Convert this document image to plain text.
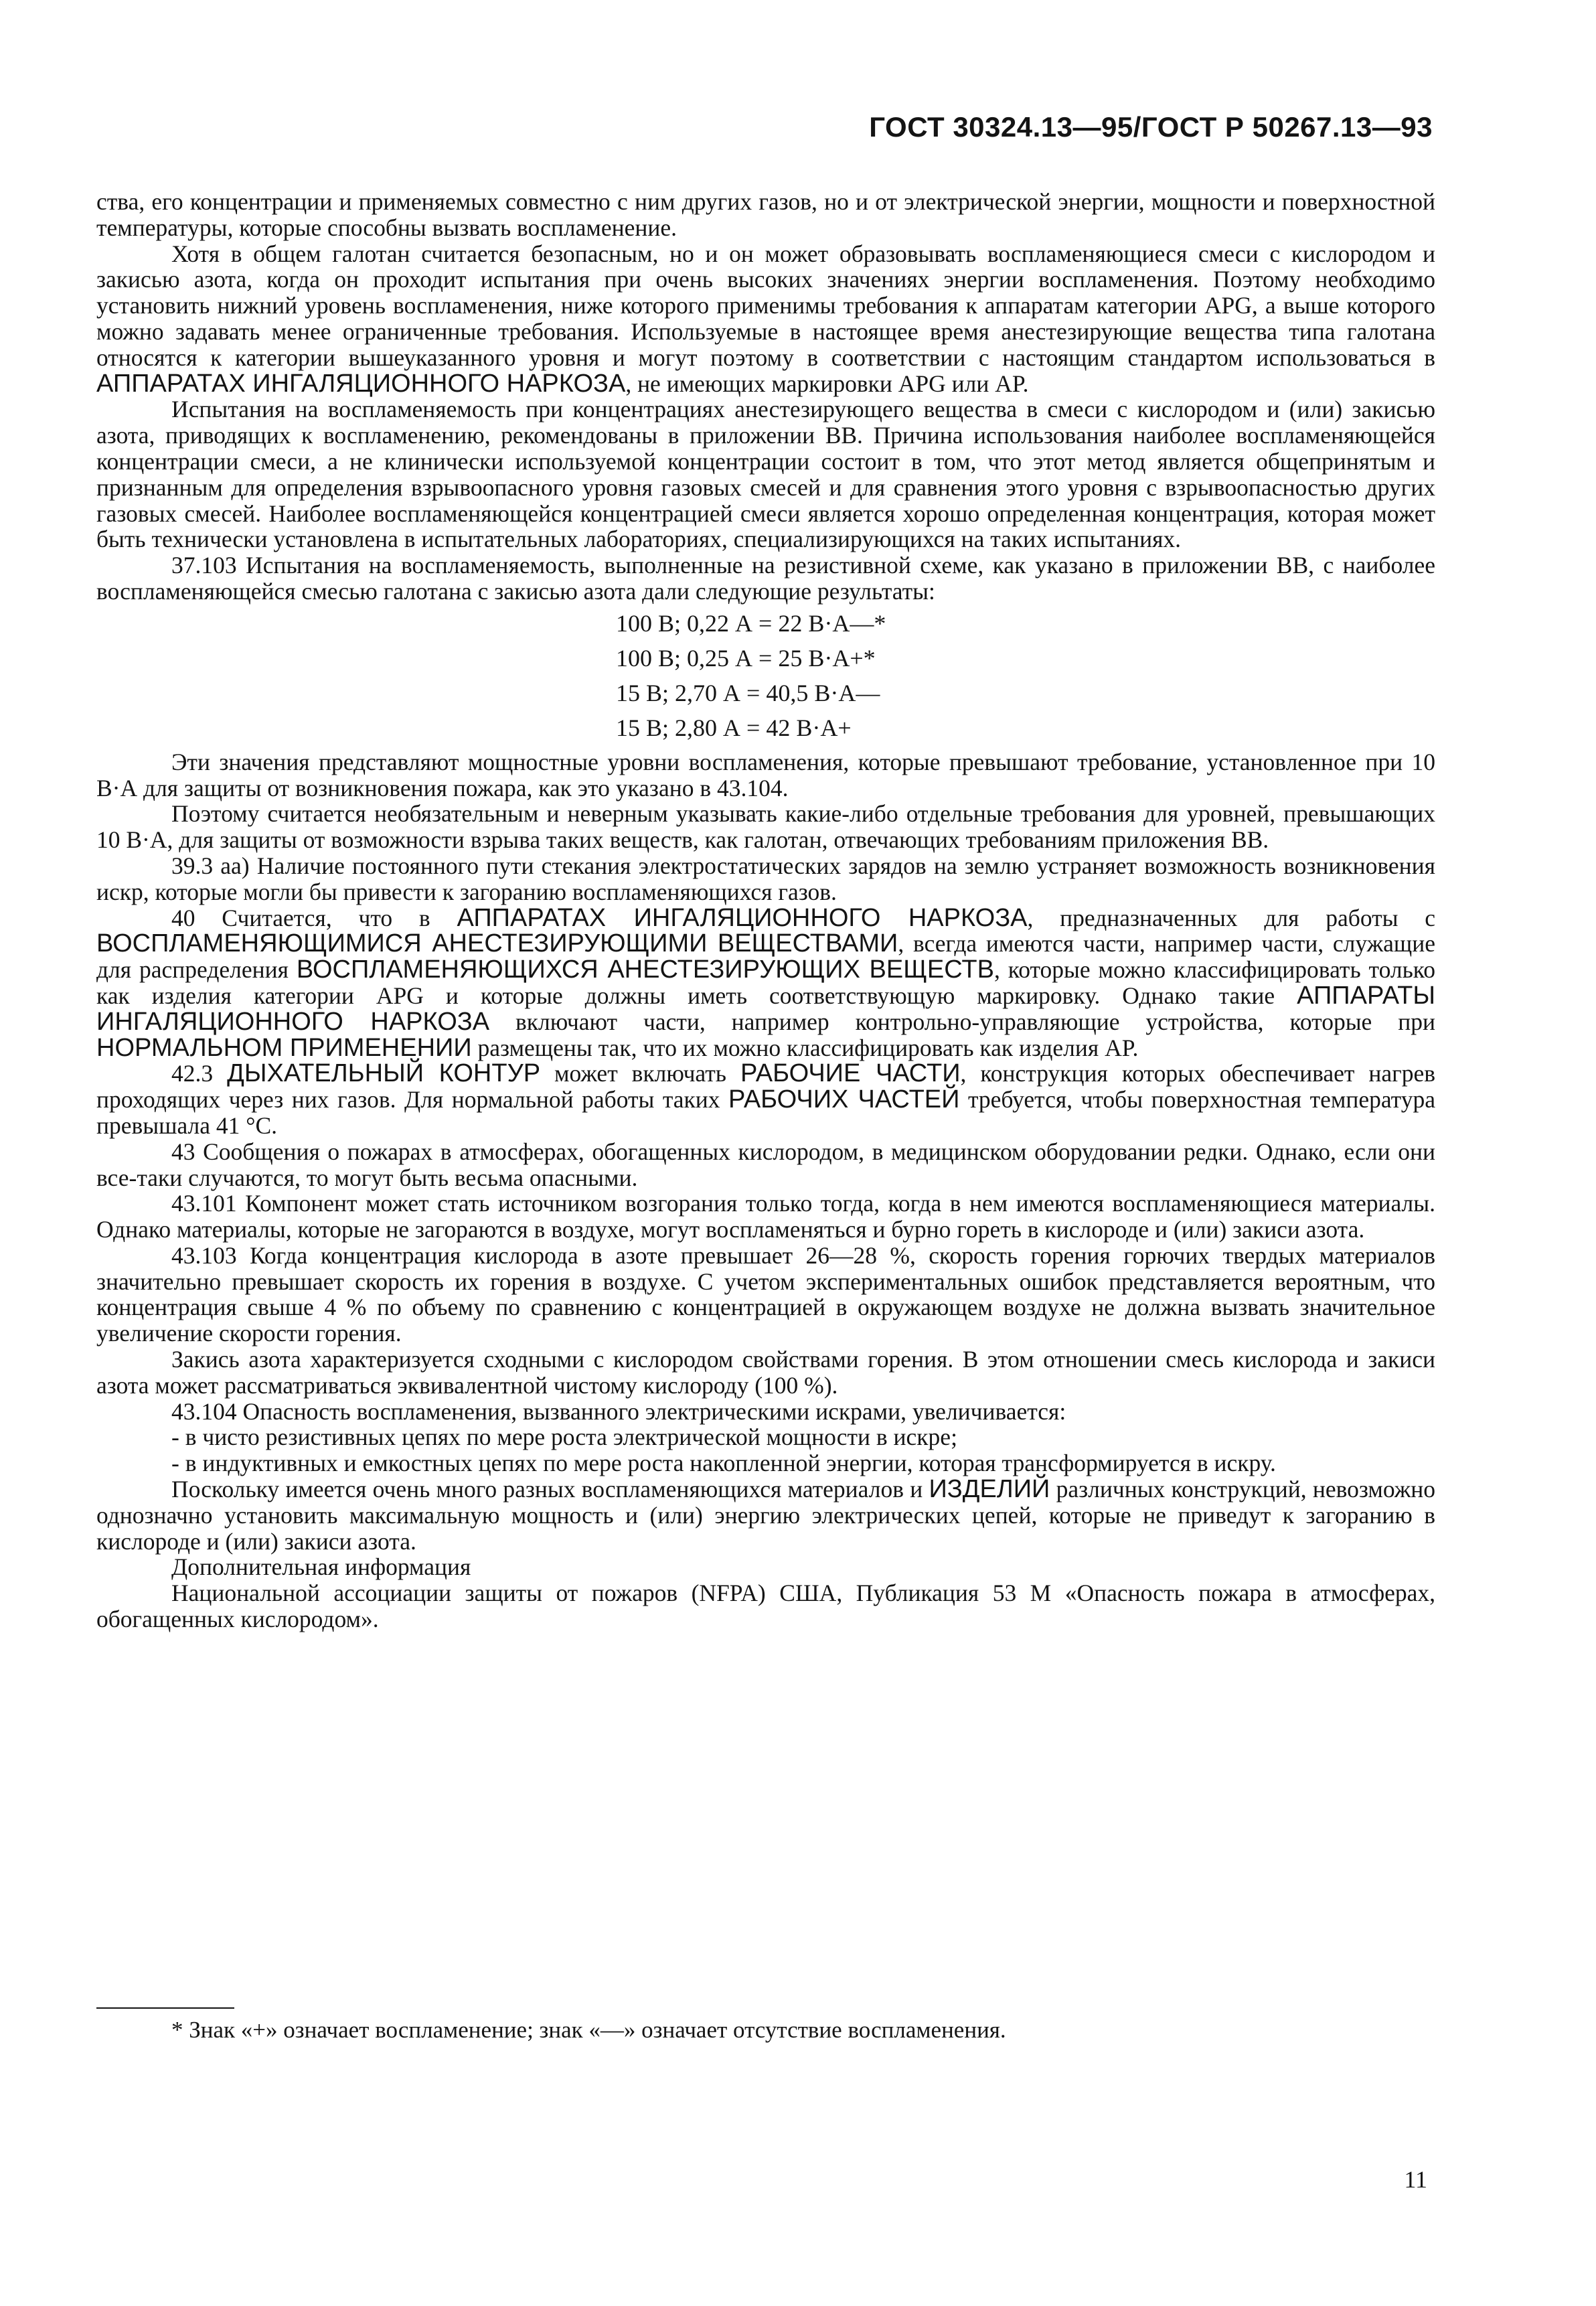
ГОСТ 30324.13—95/ГОСТ Р 50267.13—93

ства, его концентрации и применяемых совместно с ним других газов, но и от электрической энергии, мощности и поверхностной температуры, которые способны вызвать воспламенение.

Хотя в общем галотан считается безопасным, но и он может образовывать воспламеняющиеся смеси с кислородом и закисью азота, когда он проходит испытания при очень высоких значениях энергии воспламенения. Поэтому необходимо установить нижний уровень воспламенения, ниже которого применимы требования к аппаратам категории APG, а выше которого можно задавать менее ограниченные требования. Используемые в настоящее время анестезирующие вещества типа галотана относятся к категории вышеуказанного уровня и могут поэтому в соответствии с настоящим стандартом использоваться в АППАРАТАХ ИНГАЛЯЦИОННОГО НАРКОЗА, не имеющих маркировки APG или AP.

Испытания на воспламеняемость при концентрациях анестезирующего вещества в смеси с кислородом и (или) закисью азота, приводящих к воспламенению, рекомендованы в приложении ВВ. Причина использования наиболее воспламеняющейся концентрации смеси, а не клинически используемой концентрации состоит в том, что этот метод является общепринятым и признанным для определения взрывоопасного уровня газовых смесей и для сравнения этого уровня с взрывоопасностью других газовых смесей. Наиболее воспламеняющейся концентрацией смеси является хорошо определенная концентрация, которая может быть технически установлена в испытательных лабораториях, специализирующихся на таких испытаниях.

37.103 Испытания на воспламеняемость, выполненные на резистивной схеме, как указано в приложении ВВ, с наиболее воспламеняющейся смесью галотана с закисью азота дали следующие результаты:

100 В; 0,22 А = 22 В·А—*
100 В; 0,25 А = 25 В·А+*
15 В; 2,70 А = 40,5 В·А—
15 В; 2,80 А = 42 В·А+

Эти значения представляют мощностные уровни воспламенения, которые превышают требование, установленное при 10 В·А для защиты от возникновения пожара, как это указано в 43.104.

Поэтому считается необязательным и неверным указывать какие-либо отдельные требования для уровней, превышающих 10 В·А, для защиты от возможности взрыва таких веществ, как галотан, отвечающих требованиям приложения ВВ.

39.3 аа) Наличие постоянного пути стекания электростатических зарядов на землю устраняет возможность возникновения искр, которые могли бы привести к загоранию воспламеняющихся газов.

40 Считается, что в АППАРАТАХ ИНГАЛЯЦИОННОГО НАРКОЗА, предназначенных для работы с ВОСПЛАМЕНЯЮЩИМИСЯ АНЕСТЕЗИРУЮЩИМИ ВЕЩЕСТВАМИ, всегда имеются части, например части, служащие для распределения ВОСПЛАМЕНЯЮЩИХСЯ АНЕСТЕЗИРУЮЩИХ ВЕЩЕСТВ, которые можно классифицировать только как изделия категории APG и которые должны иметь соответствующую маркировку. Однако такие АППАРАТЫ ИНГАЛЯЦИОННОГО НАРКОЗА включают части, например контрольно-управляющие устройства, которые при НОРМАЛЬНОМ ПРИМЕНЕНИИ размещены так, что их можно классифицировать как изделия AP.

42.3 ДЫХАТЕЛЬНЫЙ КОНТУР может включать РАБОЧИЕ ЧАСТИ, конструкция которых обеспечивает нагрев проходящих через них газов. Для нормальной работы таких РАБОЧИХ ЧАСТЕЙ требуется, чтобы поверхностная температура превышала 41 °С.

43 Сообщения о пожарах в атмосферах, обогащенных кислородом, в медицинском оборудовании редки. Однако, если они все-таки случаются, то могут быть весьма опасными.

43.101 Компонент может стать источником возгорания только тогда, когда в нем имеются воспламеняющиеся материалы. Однако материалы, которые не загораются в воздухе, могут воспламеняться и бурно гореть в кислороде и (или) закиси азота.

43.103 Когда концентрация кислорода в азоте превышает 26—28 %, скорость горения горючих твердых материалов значительно превышает скорость их горения в воздухе. С учетом экспериментальных ошибок представляется вероятным, что концентрация свыше 4 % по объему по сравнению с концентрацией в окружающем воздухе не должна вызвать значительное увеличение скорости горения.

Закись азота характеризуется сходными с кислородом свойствами горения. В этом отношении смесь кислорода и закиси азота может рассматриваться эквивалентной чистому кислороду (100 %).

43.104 Опасность воспламенения, вызванного электрическими искрами, увеличивается:

- в чисто резистивных цепях по мере роста электрической мощности в искре;

- в индуктивных и емкостных цепях по мере роста накопленной энергии, которая трансформируется в искру.

Поскольку имеется очень много разных воспламеняющихся материалов и ИЗДЕЛИЙ различных конструкций, невозможно однозначно установить максимальную мощность и (или) энергию электрических цепей, которые не приведут к загоранию в кислороде и (или) закиси азота.

Дополнительная информация

Национальной ассоциации защиты от пожаров (NFPA) США, Публикация 53 М «Опасность пожара в атмосферах, обогащенных кислородом».

* Знак «+» означает воспламенение; знак «—» означает отсутствие воспламенения.
11
